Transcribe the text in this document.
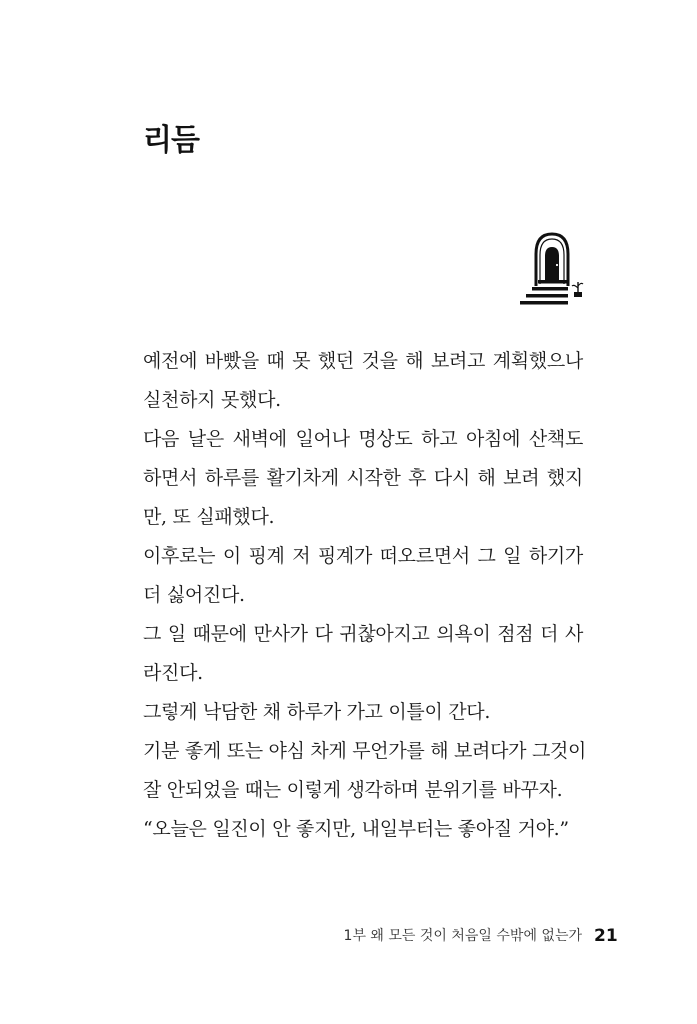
리듬
예전에 바빴을 때 못 했던 것을 해 보려고 계획했으나
실천하지 못했다.
다음 날은 새벽에 일어나 명상도 하고 아침에 산책도
하면서 하루를 활기차게 시작한 후 다시 해 보려 했지
만, 또 실패했다.
이후로는 이 핑계 저 핑계가 떠오르면서 그 일 하기가
더 싫어진다.
그 일 때문에 만사가 다 귀찮아지고 의욕이 점점 더 사
라진다.
그렇게 낙담한 채 하루가 가고 이틀이 간다.
기분 좋게 또는 야심 차게 무언가를 해 보려다가 그것이
잘 안되었을 때는 이렇게 생각하며 분위기를 바꾸자.
“오늘은 일진이 안 좋지만, 내일부터는 좋아질 거야.”
1부 왜 모든 것이 처음일 수밖에 없는가 21
